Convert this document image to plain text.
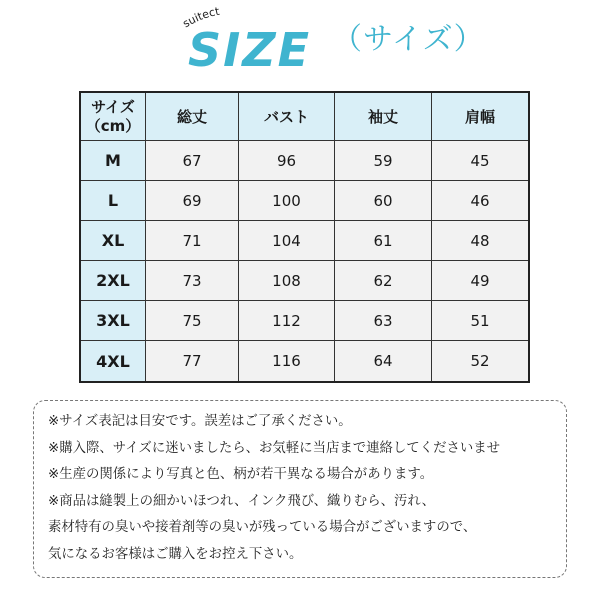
suitect
SIZE （サイズ）
サイズ
（cm）	総丈	バスト	袖丈	肩幅
M	67	96	59	45
L	69	100	60	46
XL	71	104	61	48
2XL	73	108	62	49
3XL	75	112	63	51
4XL	77	116	64	52
※サイズ表記は目安です。誤差はご了承ください。
※購入際、サイズに迷いましたら、お気軽に当店まで連絡してくださいませ
※生産の関係により写真と色、柄が若干異なる場合があります。
※商品は縫製上の細かいほつれ、インク飛び、織りむら、汚れ、
素材特有の臭いや接着剤等の臭いが残っている場合がございますので、
気になるお客様はご購入をお控え下さい。
